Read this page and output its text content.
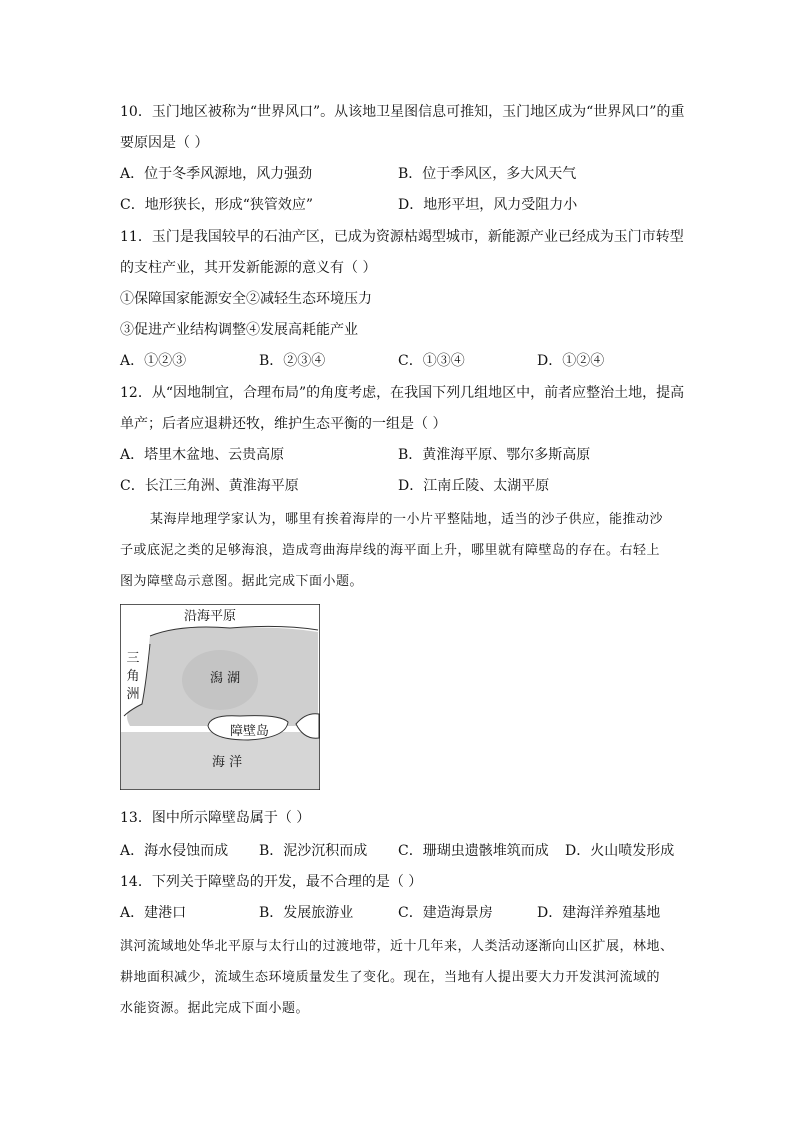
10．玉门地区被称为“世界风口”。从该地卫星图信息可推知，玉门地区成为“世界风口”的重
要原因是（ ）
A．位于冬季风源地，风力强劲	B．位于季风区，多大风天气
C．地形狭长，形成“狭管效应”	D．地形平坦，风力受阻力小
11．玉门是我国较早的石油产区，已成为资源枯竭型城市，新能源产业已经成为玉门市转型
的支柱产业，其开发新能源的意义有（ ）
①保障国家能源安全②减轻生态环境压力
③促进产业结构调整④发展高耗能产业
A．①②③	B．②③④	C．①③④	D．①②④
12．从“因地制宜，合理布局”的角度考虑，在我国下列几组地区中，前者应整治土地，提高
单产；后者应退耕还牧，维护生态平衡的一组是（ ）
A．塔里木盆地、云贵高原	B．黄淮海平原、鄂尔多斯高原
C．长江三角洲、黄淮海平原	D．江南丘陵、太湖平原
某海岸地理学家认为，哪里有挨着海岸的一小片平整陆地，适当的沙子供应，能推动沙
子或底泥之类的足够海浪，造成弯曲海岸线的海平面上升，哪里就有障壁岛的存在。右轻上
图为障壁岛示意图。据此完成下面小题。
沿海平原
三
角
洲
潟 湖
障壁岛
海 洋
13．图中所示障壁岛属于（ ）
A．海水侵蚀而成 B．泥沙沉积而成 C．珊瑚虫遗骸堆筑而成 D．火山喷发形成
14．下列关于障壁岛的开发，最不合理的是（ ）
A．建港口	B．发展旅游业	C．建造海景房	D．建海洋养殖基地
淇河流域地处华北平原与太行山的过渡地带，近十几年来，人类活动逐渐向山区扩展，林地、
耕地面积减少，流域生态环境质量发生了变化。现在，当地有人提出要大力开发淇河流域的
水能资源。据此完成下面小题。
